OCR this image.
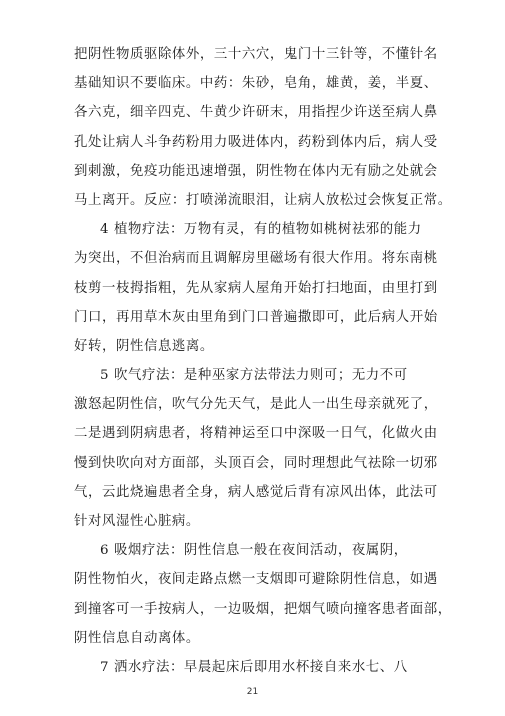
把阴性物质驱除体外，三十六穴，鬼门十三针等，不懂针名
基础知识不要临床。中药：朱砂，皂角，雄黄，姜，半夏、
各六克，细辛四克、牛黄少许研末，用指捏少许送至病人鼻
孔处让病人斗争药粉用力吸进体内，药粉到体内后，病人受
到刺激，免疫功能迅速增强，阴性物在体内无有励之处就会
马上离开。反应：打喷涕流眼泪，让病人放松过会恢复正常。
4 植物疗法：万物有灵，有的植物如桃树祛邪的能力
为突出，不但治病而且调解房里磁场有很大作用。将东南桃
枝剪一枝拇指粗，先从家病人屋角开始打扫地面，由里打到
门口，再用草木灰由里角到门口普遍撒即可，此后病人开始
好转，阴性信息逃离。
5 吹气疗法：是种巫家方法带法力则可；无力不可
激怒起阴性信，吹气分先天气，是此人一出生母亲就死了，
二是遇到阴病患者，将精神运至口中深吸一日气，化做火由
慢到快吹向对方面部，头顶百会，同时理想此气祛除一切邪
气，云此烧遍患者全身，病人感觉后背有凉风出体，此法可
针对风湿性心脏病。
6 吸烟疗法：阴性信息一般在夜间活动，夜属阴，
阴性物怕火，夜间走路点燃一支烟即可避除阴性信息，如遇
到撞客可一手按病人，一边吸烟，把烟气喷向撞客患者面部，
阴性信息自动离体。
7 洒水疗法：早晨起床后即用水杯接自来水七、八
21
